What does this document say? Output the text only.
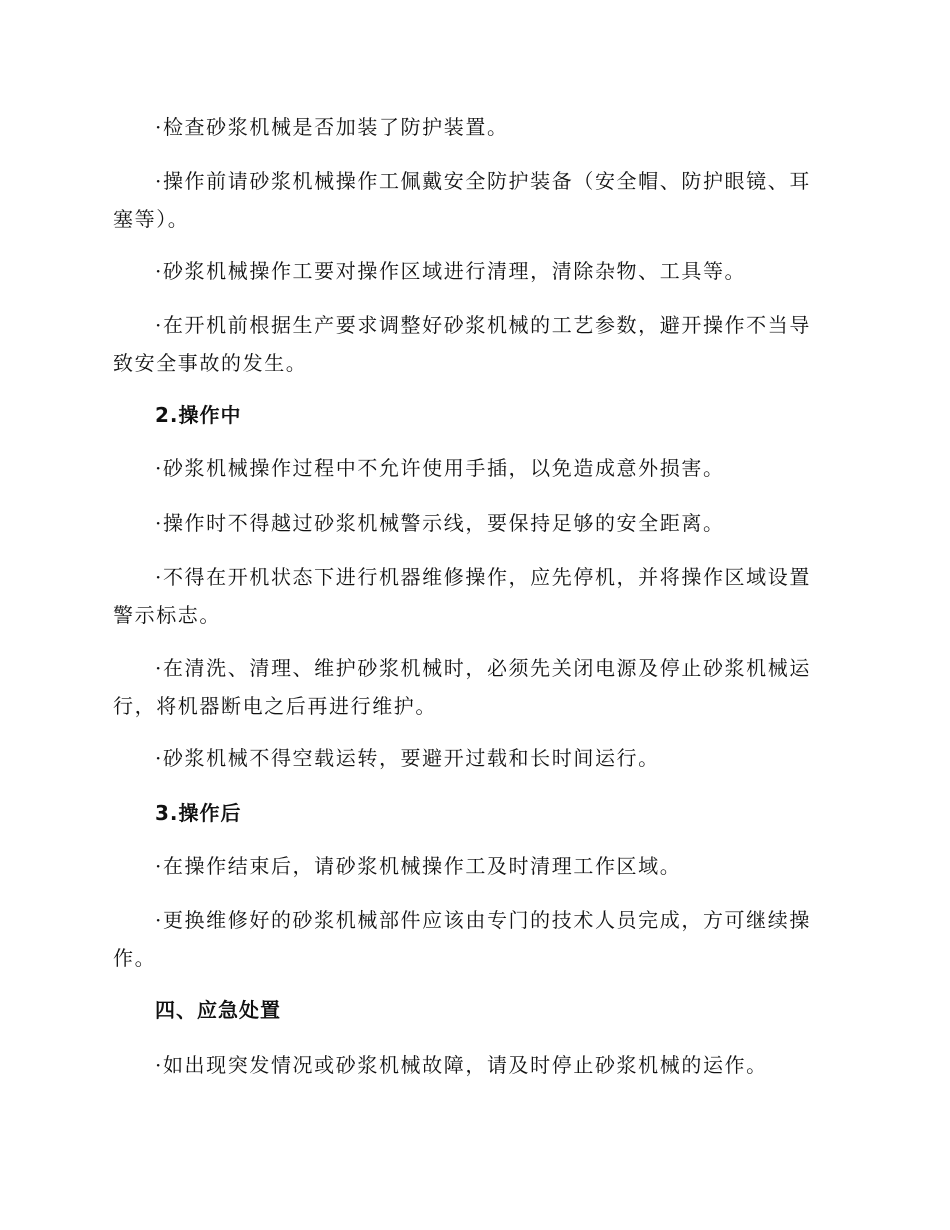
·检查砂浆机械是否加装了防护装置。

·操作前请砂浆机械操作工佩戴安全防护装备（安全帽、防护眼镜、耳塞等）。

·砂浆机械操作工要对操作区域进行清理，清除杂物、工具等。

·在开机前根据生产要求调整好砂浆机械的工艺参数，避开操作不当导致安全事故的发生。

2.操作中

·砂浆机械操作过程中不允许使用手插，以免造成意外损害。

·操作时不得越过砂浆机械警示线，要保持足够的安全距离。

·不得在开机状态下进行机器维修操作，应先停机，并将操作区域设置警示标志。

·在清洗、清理、维护砂浆机械时，必须先关闭电源及停止砂浆机械运行，将机器断电之后再进行维护。

·砂浆机械不得空载运转，要避开过载和长时间运行。

3.操作后

·在操作结束后，请砂浆机械操作工及时清理工作区域。

·更换维修好的砂浆机械部件应该由专门的技术人员完成，方可继续操作。

四、应急处置

·如出现突发情况或砂浆机械故障，请及时停止砂浆机械的运作。
